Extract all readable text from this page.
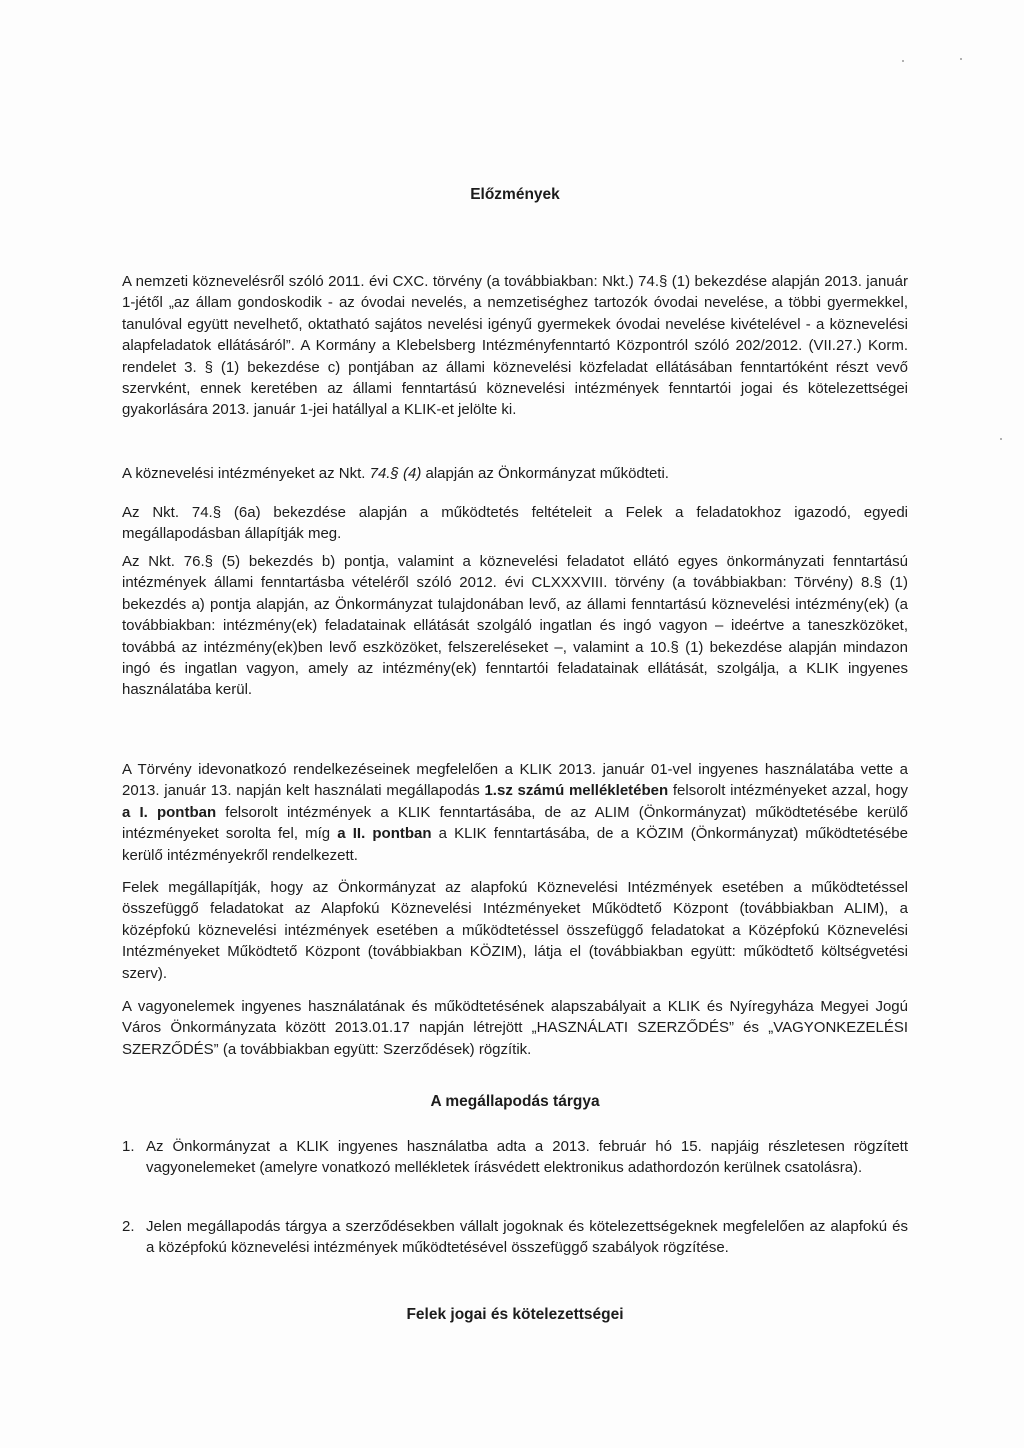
Előzmények

A nemzeti köznevelésről szóló 2011. évi CXC. törvény (a továbbiakban: Nkt.) 74.§ (1) bekezdése alapján 2013. január 1-jétől „az állam gondoskodik - az óvodai nevelés, a nemzetiséghez tartozók óvodai nevelése, a többi gyermekkel, tanulóval együtt nevelhető, oktatható sajátos nevelési igényű gyermekek óvodai nevelése kivételével - a köznevelési alapfeladatok ellátásáról”. A Kormány a Klebelsberg Intézményfenntartó Központról szóló 202/2012. (VII.27.) Korm. rendelet 3. § (1) bekezdése c) pontjában az állami köznevelési közfeladat ellátásában fenntartóként részt vevő szervként, ennek keretében az állami fenntartású köznevelési intézmények fenntartói jogai és kötelezettségei gyakorlására 2013. január 1-jei hatállyal a KLIK-et jelölte ki.

A köznevelési intézményeket az Nkt. 74.§ (4) alapján az Önkormányzat működteti.

Az Nkt. 74.§ (6a) bekezdése alapján a működtetés feltételeit a Felek a feladatokhoz igazodó, egyedi megállapodásban állapítják meg.

Az Nkt. 76.§ (5) bekezdés b) pontja, valamint a köznevelési feladatot ellátó egyes önkormányzati fenntartású intézmények állami fenntartásba vételéről szóló 2012. évi CLXXXVIII. törvény (a továbbiakban: Törvény) 8.§ (1) bekezdés a) pontja alapján, az Önkormányzat tulajdonában levő, az állami fenntartású köznevelési intézmény(ek) (a továbbiakban: intézmény(ek) feladatainak ellátását szolgáló ingatlan és ingó vagyon – ideértve a taneszközöket, továbbá az intézmény(ek)ben levő eszközöket, felszereléseket –, valamint a 10.§ (1) bekezdése alapján mindazon ingó és ingatlan vagyon, amely az intézmény(ek) fenntartói feladatainak ellátását, szolgálja, a KLIK ingyenes használatába kerül.

A Törvény idevonatkozó rendelkezéseinek megfelelően a KLIK 2013. január 01-vel ingyenes használatába vette a 2013. január 13. napján kelt használati megállapodás 1.sz számú mellékletében felsorolt intézményeket azzal, hogy a I. pontban felsorolt intézmények a KLIK fenntartásába, de az ALIM (Önkormányzat) működtetésébe kerülő intézményeket sorolta fel, míg a II. pontban a KLIK fenntartásába, de a KÖZIM (Önkormányzat) működtetésébe kerülő intézményekről rendelkezett.

Felek megállapítják, hogy az Önkormányzat az alapfokú Köznevelési Intézmények esetében a működtetéssel összefüggő feladatokat az Alapfokú Köznevelési Intézményeket Működtető Központ (továbbiakban ALIM), a középfokú köznevelési intézmények esetében a működtetéssel összefüggő feladatokat a Középfokú Köznevelési Intézményeket Működtető Központ (továbbiakban KÖZIM), látja el (továbbiakban együtt: működtető költségvetési szerv).

A vagyonelemek ingyenes használatának és működtetésének alapszabályait a KLIK és Nyíregyháza Megyei Jogú Város Önkormányzata között 2013.01.17 napján létrejött „HASZNÁLATI SZERZŐDÉS” és „VAGYONKEZELÉSI SZERZŐDÉS” (a továbbiakban együtt: Szerződések) rögzítik.

A megállapodás tárgya
1. Az Önkormányzat a KLIK ingyenes használatba adta a 2013. február hó 15. napjáig részletesen rögzített vagyonelemeket (amelyre vonatkozó mellékletek írásvédett elektronikus adathordozón kerülnek csatolásra).
2. Jelen megállapodás tárgya a szerződésekben vállalt jogoknak és kötelezettségeknek megfelelően az alapfokú és a középfokú köznevelési intézmények működtetésével összefüggő szabályok rögzítése.
Felek jogai és kötelezettségei
